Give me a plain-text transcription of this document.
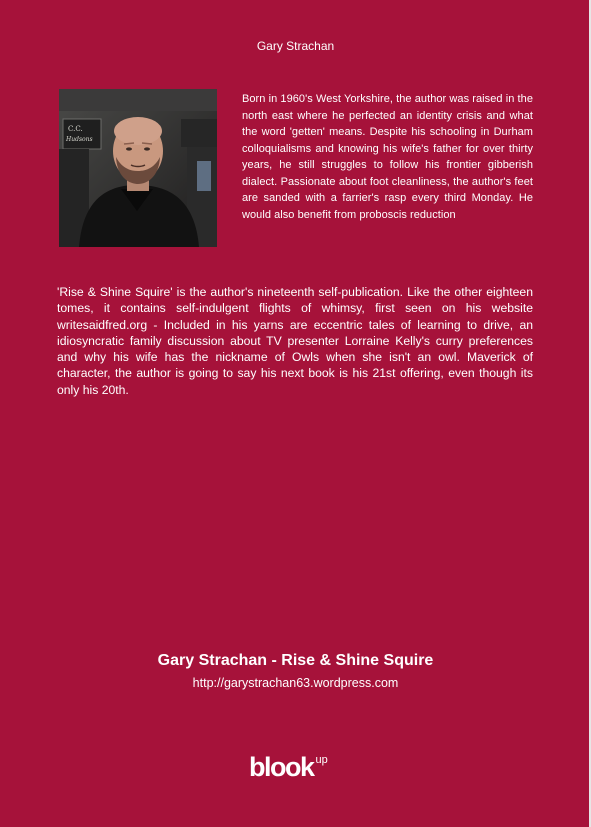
Gary Strachan
C.C.
Hudsons
Born in 1960's West Yorkshire, the author was raised in the north east where he perfected an identity crisis and what the word 'getten' means. Despite his schooling in Durham colloquialisms and knowing his wife's father for over thirty years, he still struggles to follow his frontier gibberish dialect. Passionate about foot cleanliness, the author's feet are sanded with a farrier's rasp every third Monday. He would also benefit from proboscis reduction
'Rise & Shine Squire' is the author's nineteenth self-publication. Like the other eighteen tomes, it contains self-indulgent flights of whimsy, first seen on his website writesaidfred.org - Included in his yarns are eccentric tales of learning to drive, an idiosyncratic family discussion about TV presenter Lorraine Kelly's curry preferences and why his wife has the nickname of Owls when she isn't an owl. Maverick of character, the author is going to say his next book is his 21st offering, even though its only his 20th.
Gary Strachan - Rise & Shine Squire
http://garystrachan63.wordpress.com
blook $^{up}$
